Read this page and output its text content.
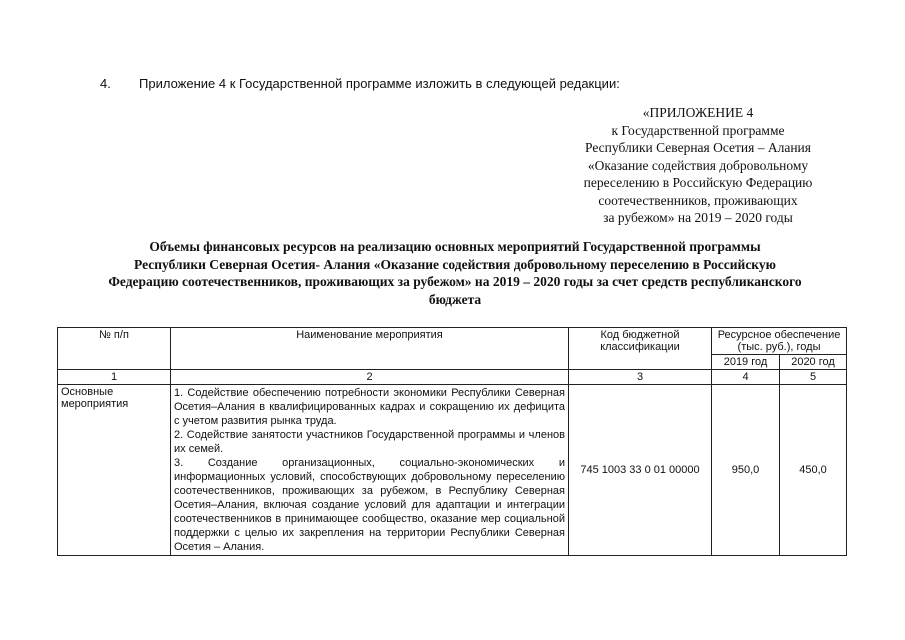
4. Приложение 4 к Государственной программе изложить в следующей редакции:
«ПРИЛОЖЕНИЕ 4
к Государственной программе
Республики Северная Осетия – Алания
«Оказание содействия добровольному
переселению в Российскую Федерацию
соотечественников, проживающих
за рубежом» на 2019 – 2020 годы
Объемы финансовых ресурсов на реализацию основных мероприятий Государственной программы
Республики Северная Осетия- Алания «Оказание содействия добровольному переселению в Российскую
Федерацию соотечественников, проживающих за рубежом» на 2019 – 2020 годы за счет средств республиканского
бюджета
№ п/п	Наименование мероприятия	Код бюджетной классификации	Ресурсное обеспечение (тыс. руб.), годы	
			2019 год	2020 год
1	2	3	4	5
Основные мероприятия	1. Содействие обеспечению потребности экономики Республики Северная Осетия–Алания в квалифицированных кадрах и сокращению их дефицита с учетом развития рынка труда.

2. Содействие занятости участников Государственной программы и членов их семей.

3. Создание организационных, социально-экономических и информационных условий, способствующих добровольному переселению соотечественников, проживающих за рубежом, в Республику Северная Осетия–Алания, включая создание условий для адаптации и интеграции соотечественников в принимающее сообщество, оказание мер социальной поддержки с целью их закрепления на территории Республики Северная Осетия – Алания.	745 1003 33 0 01 00000	950,0	450,0
